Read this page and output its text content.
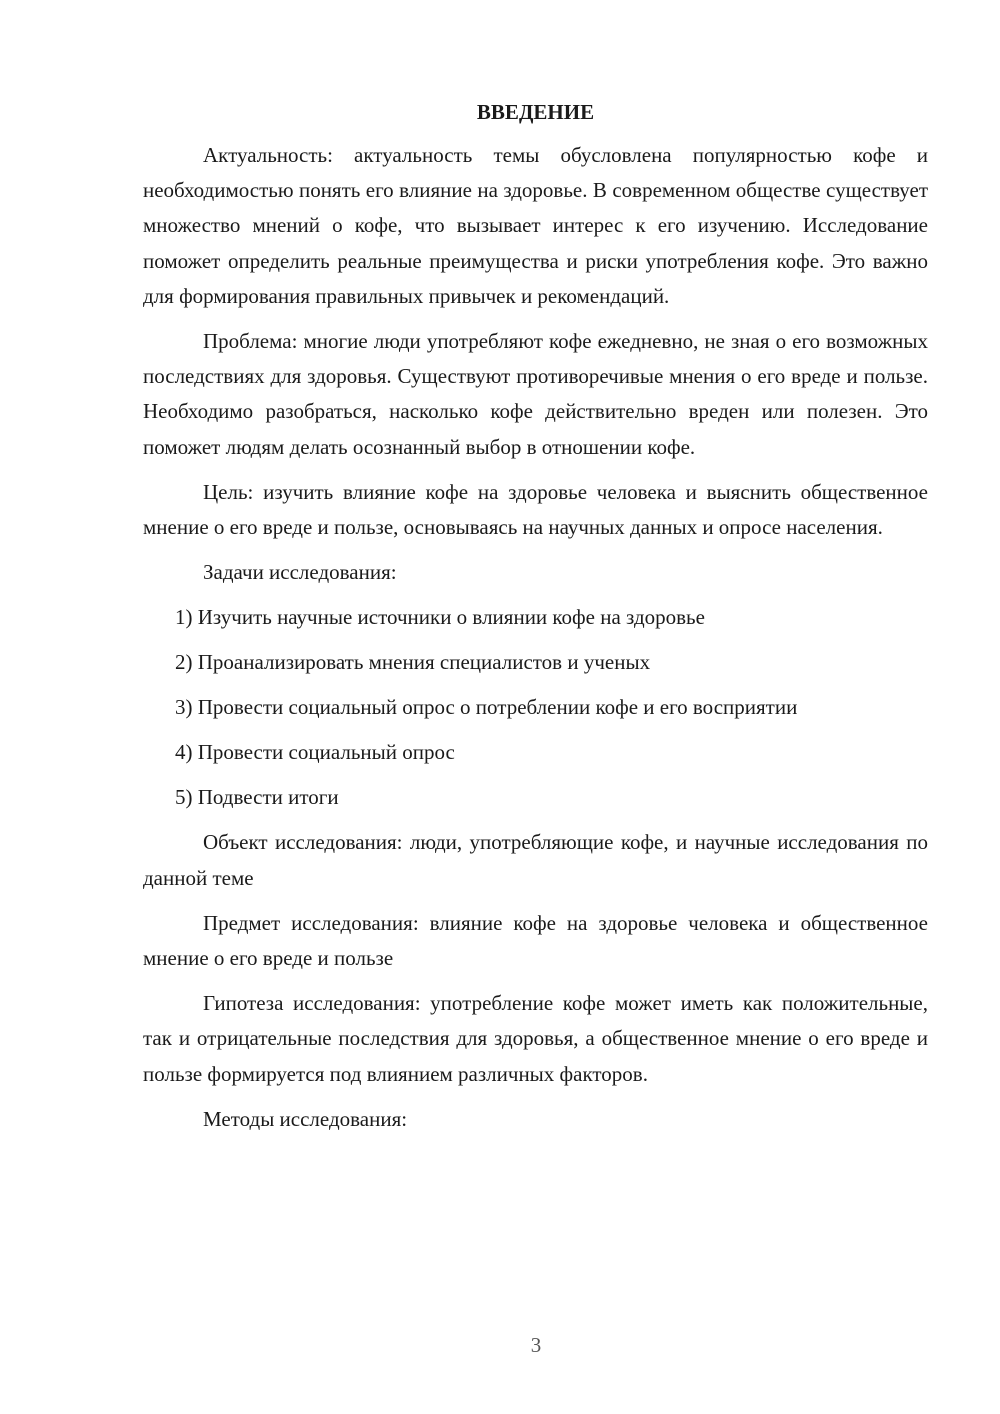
ВВЕДЕНИЕ

Актуальность: актуальность темы обусловлена популярностью кофе и необходимостью понять его влияние на здоровье. В современном обществе существует множество мнений о кофе, что вызывает интерес к его изучению. Исследование поможет определить реальные преимущества и риски употребления кофе. Это важно для формирования правильных привычек и рекомендаций.

Проблема: многие люди употребляют кофе ежедневно, не зная о его возможных последствиях для здоровья. Существуют противоречивые мнения о его вреде и пользе. Необходимо разобраться, насколько кофе действительно вреден или полезен. Это поможет людям делать осознанный выбор в отношении кофе.

Цель: изучить влияние кофе на здоровье человека и выяснить общественное мнение о его вреде и пользе, основываясь на научных данных и опросе населения.

Задачи исследования:

1) Изучить научные источники о влиянии кофе на здоровье
2) Проанализировать мнения специалистов и ученых
3) Провести социальный опрос о потреблении кофе и его восприятии
4) Провести социальный опрос
5) Подвести итоги

Объект исследования: люди, употребляющие кофе, и научные исследования по данной теме

Предмет исследования: влияние кофе на здоровье человека и общественное мнение о его вреде и пользе

Гипотеза исследования: употребление кофе может иметь как положительные, так и отрицательные последствия для здоровья, а общественное мнение о его вреде и пользе формируется под влиянием различных факторов.

Методы исследования:

3
